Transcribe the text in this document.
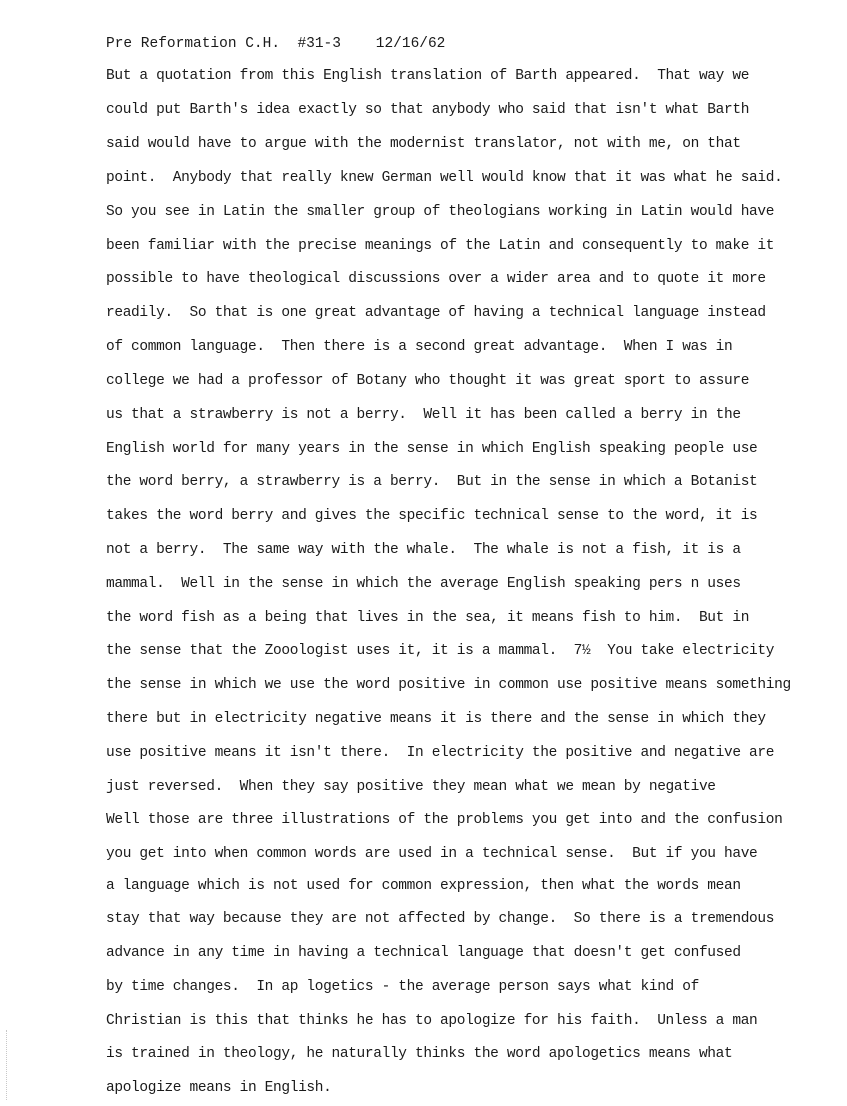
Pre Reformation C.H. #31-3 12/16/62
But a quotation from this English translation of Barth appeared.  That way we
could put Barth's idea exactly so that anybody who said that isn't what Barth
said would have to argue with the modernist translator, not with me, on that
point.  Anybody that really knew German well would know that it was what he said.
So you see in Latin the smaller group of theologians working in Latin would have
been familiar with the precise meanings of the Latin and consequently to make it
possible to have theological discussions over a wider area and to quote it more
readily.  So that is one great advantage of having a technical language instead
of common language.  Then there is a second great advantage.  When I was in
college we had a professor of Botany who thought it was great sport to assure
us that a strawberry is not a berry.  Well it has been called a berry in the
English world for many years in the sense in which English speaking people use
the word berry, a strawberry is a berry.  But in the sense in which a Botanist
takes the word berry and gives the specific technical sense to the word, it is
not a berry.  The same way with the whale.  The whale is not a fish, it is a
mammal.  Well in the sense in which the average English speaking pers n uses
the word fish as a being that lives in the sea, it means fish to him.  But in
the sense that the Zooologist uses it, it is a mammal.  7½  You take electricity
the sense in which we use the word positive in common use positive means something
there but in electricity negative means it is there and the sense in which they
use positive means it isn't there.  In electricity the positive and negative are
just reversed.  When they say positive they mean what we mean by negative
Well those are three illustrations of the problems you get into and the confusion
you get into when common words are used in a technical sense.  But if you have
a language which is not used for common expression, then what the words mean
stay that way because they are not affected by change.  So there is a tremendous
advance in any time in having a technical language that doesn't get confused
by time changes.  In ap logetics - the average person says what kind of
Christian is this that thinks he has to apologize for his faith.  Unless a man
is trained in theology, he naturally thinks the word apologetics means what
apologize means in English.
